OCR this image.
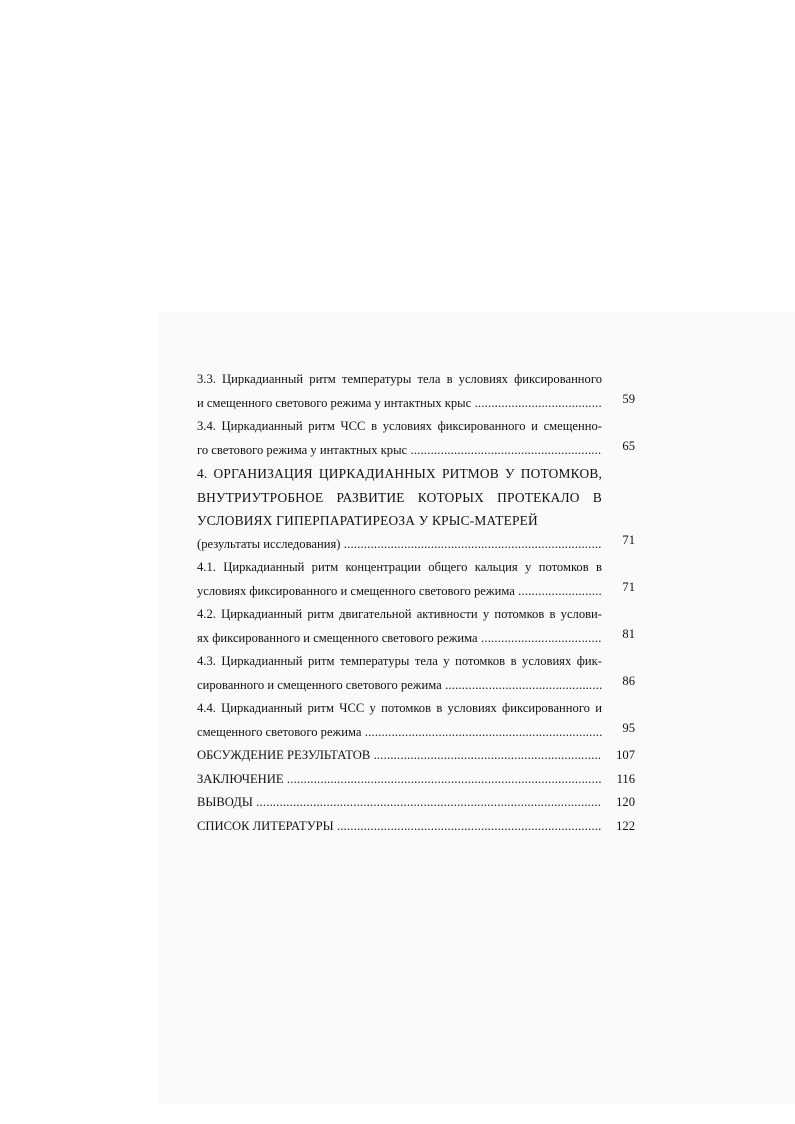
3.3. Циркадианный ритм температуры тела в условиях фиксированного
и смещенного светового режима у интактных крыс .....	59
3.4. Циркадианный ритм ЧСС в условиях фиксированного и смещенно-
го светового режима у интактных крыс .....	65
4. ОРГАНИЗАЦИЯ ЦИРКАДИАННЫХ РИТМОВ У ПОТОМКОВ,
ВНУТРИУТРОБНОЕ РАЗВИТИЕ КОТОРЫХ ПРОТЕКАЛО В
УСЛОВИЯХ ГИПЕРПАРАТИРЕОЗА У КРЫС-МАТЕРЕЙ
(результаты исследования) .....	71
4.1. Циркадианный ритм концентрации общего кальция у потомков в
условиях фиксированного и смещенного светового режима .....	71
4.2. Циркадианный ритм двигательной активности у потомков в услови-
ях фиксированного и смещенного светового режима .....	81
4.3. Циркадианный ритм температуры тела у потомков в условиях фик-
сированного и смещенного светового режима .....	86
4.4. Циркадианный ритм ЧСС у потомков в условиях фиксированного и
смещенного светового режима .....	95
ОБСУЖДЕНИЕ РЕЗУЛЬТАТОВ .....	107
ЗАКЛЮЧЕНИЕ .....	116
ВЫВОДЫ .....	120
СПИСОК ЛИТЕРАТУРЫ .....	122
